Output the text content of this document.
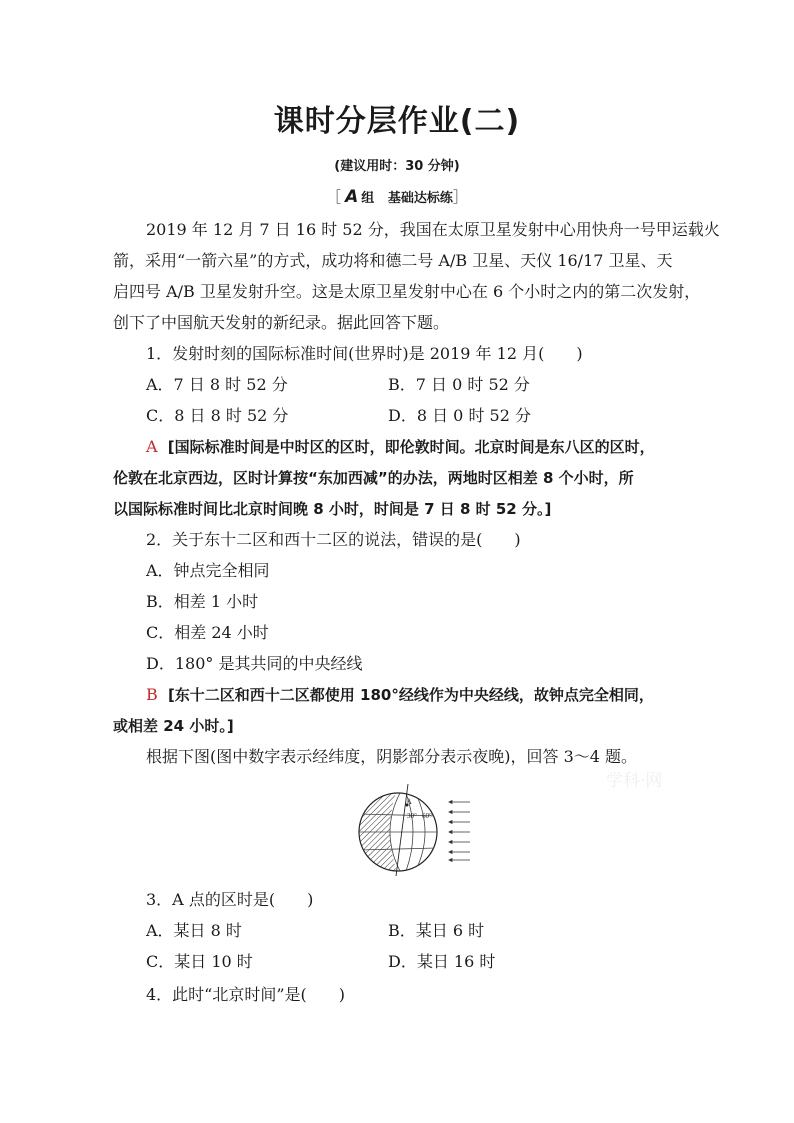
课时分层作业(二)
(建议用时：30 分钟)
［ A 组 基础达标练］
2019 年 12 月 7 日 16 时 52 分，我国在太原卫星发射中心用快舟一号甲运载火
箭，采用“一箭六星”的方式，成功将和德二号 A/B 卫星、天仪 16/17 卫星、天
启四号 A/B 卫星发射升空。这是太原卫星发射中心在 6 个小时之内的第二次发射，
创下了中国航天发射的新纪录。据此回答下题。
1．发射时刻的国际标准时间(世界时)是 2019 年 12 月(　　)
A．7 日 8 时 52 分	B．7 日 0 时 52 分
C．8 日 8 时 52 分	D．8 日 0 时 52 分
A [国际标准时间是中时区的区时，即伦敦时间。北京时间是东八区的区时，
伦敦在北京西边，区时计算按“东加西减”的办法，两地时区相差 8 个小时，所
以国际标准时间比北京时间晚 8 小时，时间是 7 日 8 时 52 分。]
2．关于东十二区和西十二区的说法，错误的是(　　)
A．钟点完全相同
B．相差 1 小时
C．相差 24 小时
D．180° 是其共同的中央经线
B [东十二区和西十二区都使用 180°经线作为中央经线，故钟点完全相同，
或相差 24 小时。]
根据下图(图中数字表示经纬度，阴影部分表示夜晚)，回答 3～4 题。
学科·网
A
30° 60°
3．A 点的区时是(　　)
A．某日 8 时	B．某日 6 时
C．某日 10 时	D．某日 16 时
4．此时“北京时间”是(　　)
